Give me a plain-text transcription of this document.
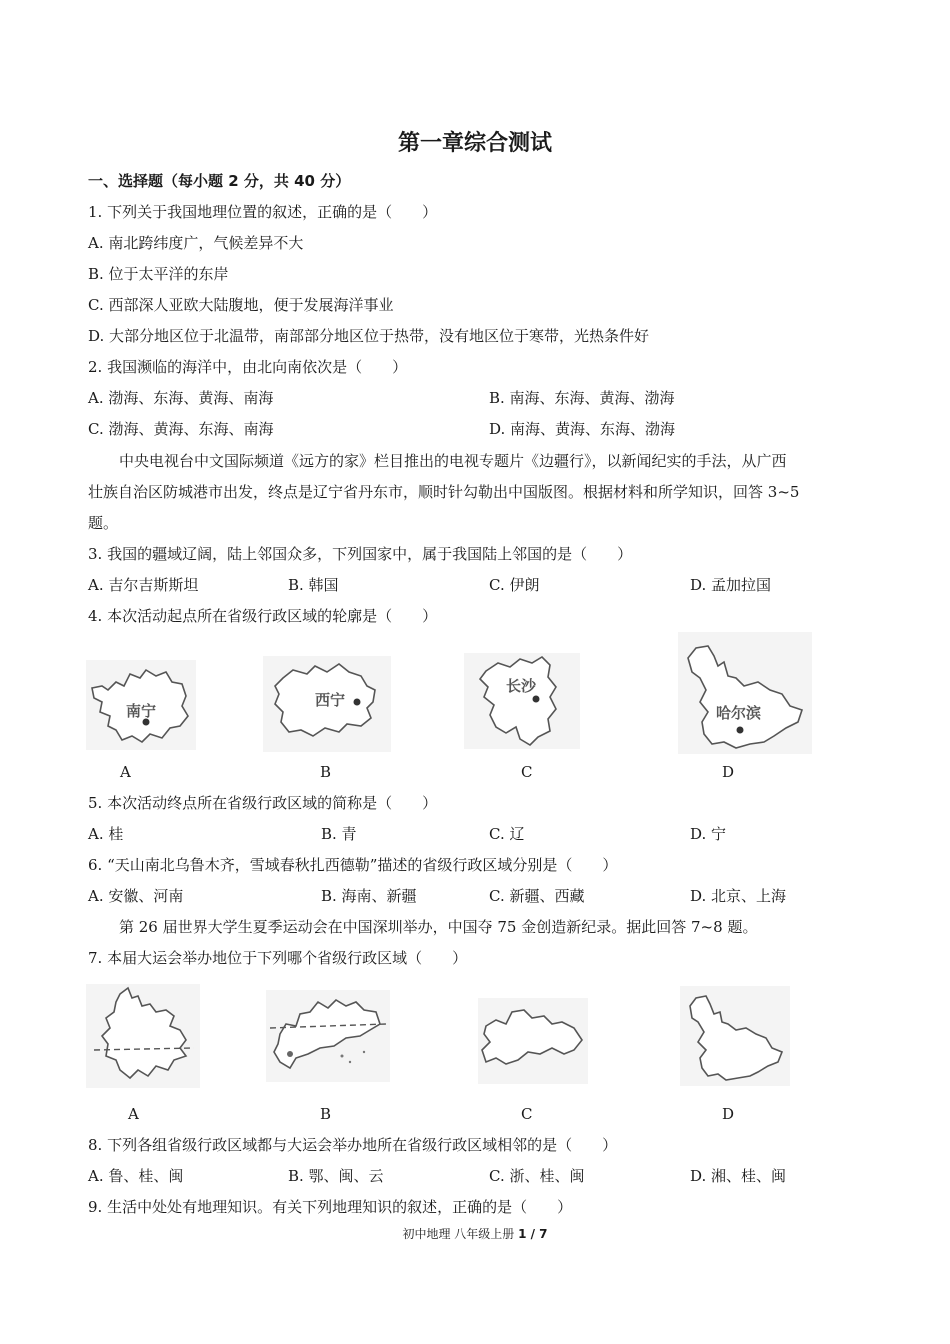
第一章综合测试
一、选择题（每小题 2 分，共 40 分）
1. 下列关于我国地理位置的叙述，正确的是（　　）
A. 南北跨纬度广，气候差异不大
B. 位于太平洋的东岸
C. 西部深人亚欧大陆腹地，便于发展海洋事业
D. 大部分地区位于北温带，南部部分地区位于热带，没有地区位于寒带，光热条件好
2. 我国濒临的海洋中，由北向南依次是（　　）
A. 渤海、东海、黄海、南海	B. 南海、东海、黄海、渤海
C. 渤海、黄海、东海、南海	D. 南海、黄海、东海、渤海
中央电视台中文国际频道《远方的家》栏目推出的电视专题片《边疆行》，以新闻纪实的手法，从广西
壮族自治区防城港市出发，终点是辽宁省丹东市，顺时针勾勒出中国版图。根据材料和所学知识，回答 3~5
题。
3. 我国的疆域辽阔，陆上邻国众多，下列国家中，属于我国陆上邻国的是（　　）
A. 吉尔吉斯斯坦	B. 韩国	C. 伊朗	D. 孟加拉国
4. 本次活动起点所在省级行政区域的轮廓是（　　）
南宁
西宁
长沙
哈尔滨
A	B	C	D
5. 本次活动终点所在省级行政区域的简称是（　　）
A. 桂	B. 青	C. 辽	D. 宁
6. “天山南北乌鲁木齐，雪域春秋扎西德勒”描述的省级行政区域分别是（　　）
A. 安徽、河南	B. 海南、新疆	C. 新疆、西藏	D. 北京、上海
第 26 届世界大学生夏季运动会在中国深圳举办，中国夺 75 金创造新纪录。据此回答 7~8 题。
7. 本届大运会举办地位于下列哪个省级行政区域（　　）
A	B	C	D
8. 下列各组省级行政区域都与大运会举办地所在省级行政区域相邻的是（　　）
A. 鲁、桂、闽	B. 鄂、闽、云	C. 浙、桂、闽	D. 湘、桂、闽
9. 生活中处处有地理知识。有关下列地理知识的叙述，正确的是（　　）
初中地理 八年级上册 1 / 7
